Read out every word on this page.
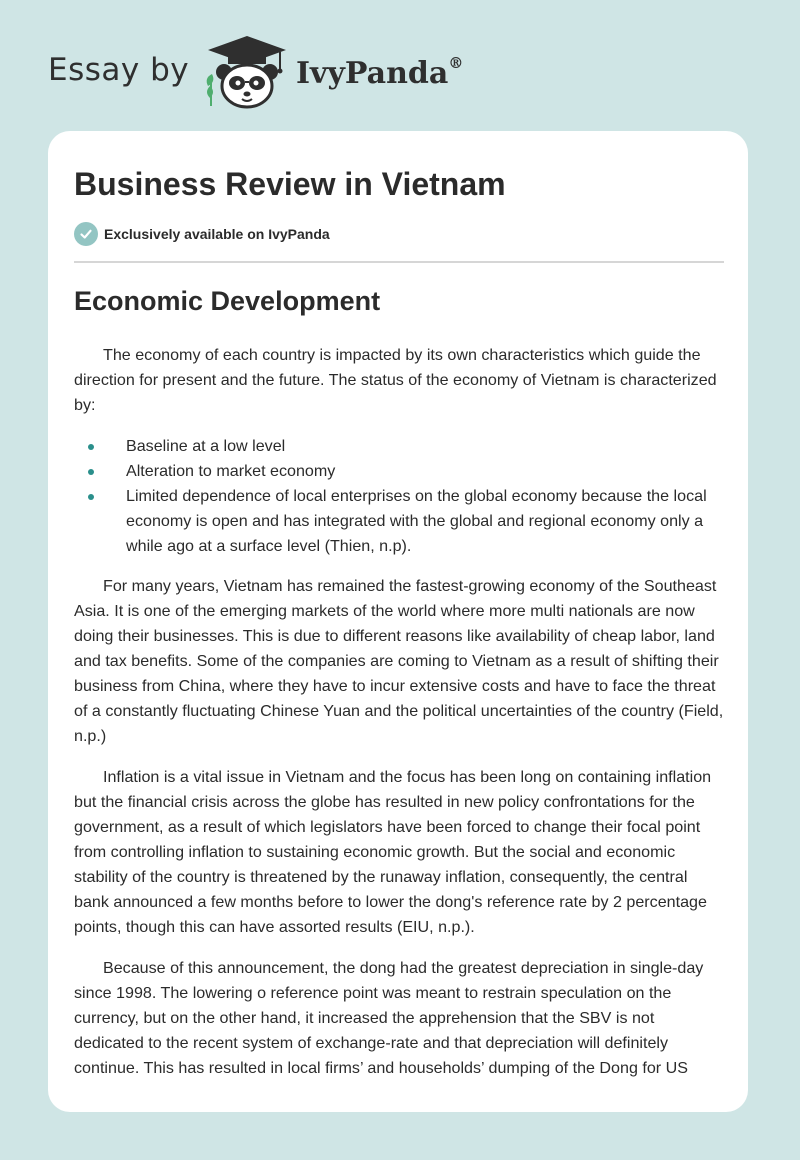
Essay by	IvyPanda®
Business Review in Vietnam
Exclusively available on IvyPanda
Economic Development

The economy of each country is impacted by its own characteristics which guide the direction for present and the future. The status of the economy of Vietnam is characterized by:

Baseline at a low level
Alteration to market economy
Limited dependence of local enterprises on the global economy because the local economy is open and has integrated with the global and regional economy only a while ago at a surface level (Thien, n.p).

For many years, Vietnam has remained the fastest-growing economy of the Southeast Asia. It is one of the emerging markets of the world where more multi nationals are now doing their businesses. This is due to different reasons like availability of cheap labor, land and tax benefits. Some of the companies are coming to Vietnam as a result of shifting their business from China, where they have to incur extensive costs and have to face the threat of a constantly fluctuating Chinese Yuan and the political uncertainties of the country (Field, n.p.)

Inflation is a vital issue in Vietnam and the focus has been long on containing inflation but the financial crisis across the globe has resulted in new policy confrontations for the government, as a result of which legislators have been forced to change their focal point from controlling inflation to sustaining economic growth. But the social and economic stability of the country is threatened by the runaway inflation, consequently, the central bank announced a few months before to lower the dong's reference rate by 2 percentage points, though this can have assorted results (EIU, n.p.).

Because of this announcement, the dong had the greatest depreciation in single-day since 1998. The lowering o reference point was meant to restrain speculation on the currency, but on the other hand, it increased the apprehension that the SBV is not dedicated to the recent system of exchange-rate and that depreciation will definitely continue. This has resulted in local firms’ and households’ dumping of the Dong for US
